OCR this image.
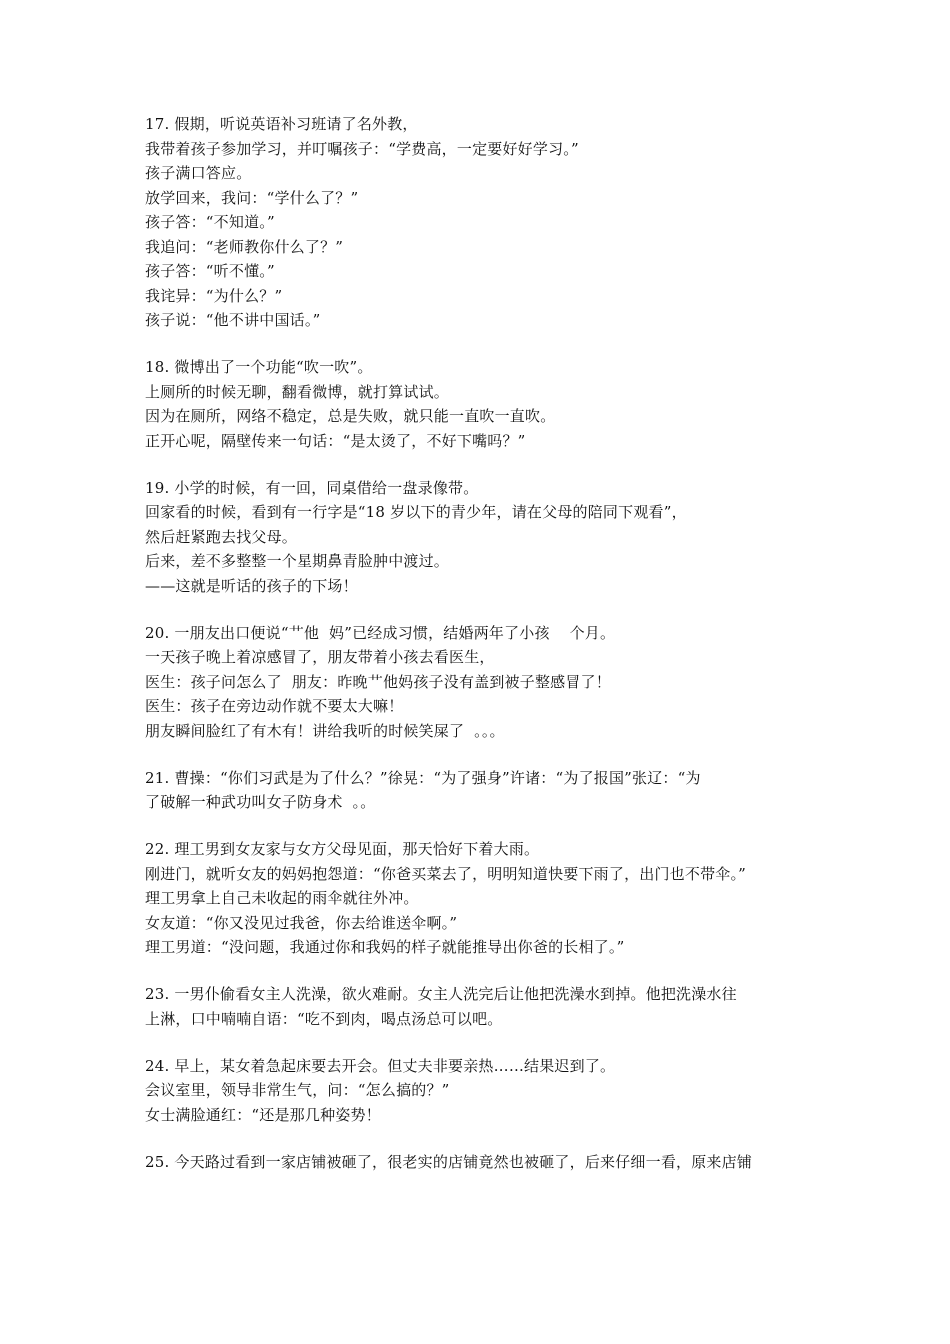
17. 假期，听说英语补习班请了名外教，
我带着孩子参加学习，并叮嘱孩子：“学费高，一定要好好学习。”
孩子满口答应。
放学回来，我问：“学什么了？”
孩子答：“不知道。”
我追问：“老师教你什么了？”
孩子答：“听不懂。”
我诧异：“为什么？”
孩子说：“他不讲中国话。”
18. 微博出了一个功能“吹一吹”。
上厕所的时候无聊，翻看微博，就打算试试。
因为在厕所，网络不稳定，总是失败，就只能一直吹一直吹。
正开心呢，隔壁传来一句话：“是太烫了，不好下嘴吗？”
19. 小学的时候，有一回，同桌借给一盘录像带。
回家看的时候，看到有一行字是“18 岁以下的青少年，请在父母的陪同下观看”，
然后赶紧跑去找父母。
后来，差不多整整一个星期鼻青脸肿中渡过。
——这就是听话的孩子的下场！
20. 一朋友出口便说“艹他  妈”已经成习惯，结婚两年了小孩    个月。
一天孩子晚上着凉感冒了，朋友带着小孩去看医生，
医生：孩子问怎么了  朋友：昨晚艹他妈孩子没有盖到被子整感冒了！
医生：孩子在旁边动作就不要太大嘛！
朋友瞬间脸红了有木有！讲给我听的时候笑屎了  。。。
21. 曹操：“你们习武是为了什么？”徐晃：“为了强身”许诸：“为了报国”张辽：“为
了破解一种武功叫女子防身术  。。
22. 理工男到女友家与女方父母见面，那天恰好下着大雨。
刚进门，就听女友的妈妈抱怨道：“你爸买菜去了，明明知道快要下雨了，出门也不带伞。”
理工男拿上自己未收起的雨伞就往外冲。
女友道：“你又没见过我爸，你去给谁送伞啊。”
理工男道：“没问题，我通过你和我妈的样子就能推导出你爸的长相了。”
23. 一男仆偷看女主人洗澡，欲火难耐。女主人洗完后让他把洗澡水到掉。他把洗澡水往
上淋，口中喃喃自语：“吃不到肉，喝点汤总可以吧。
24. 早上，某女着急起床要去开会。但丈夫非要亲热……结果迟到了。
会议室里，领导非常生气，问：“怎么搞的？”
女士满脸通红：“还是那几种姿势！
25. 今天路过看到一家店铺被砸了，很老实的店铺竟然也被砸了，后来仔细一看，原来店铺
